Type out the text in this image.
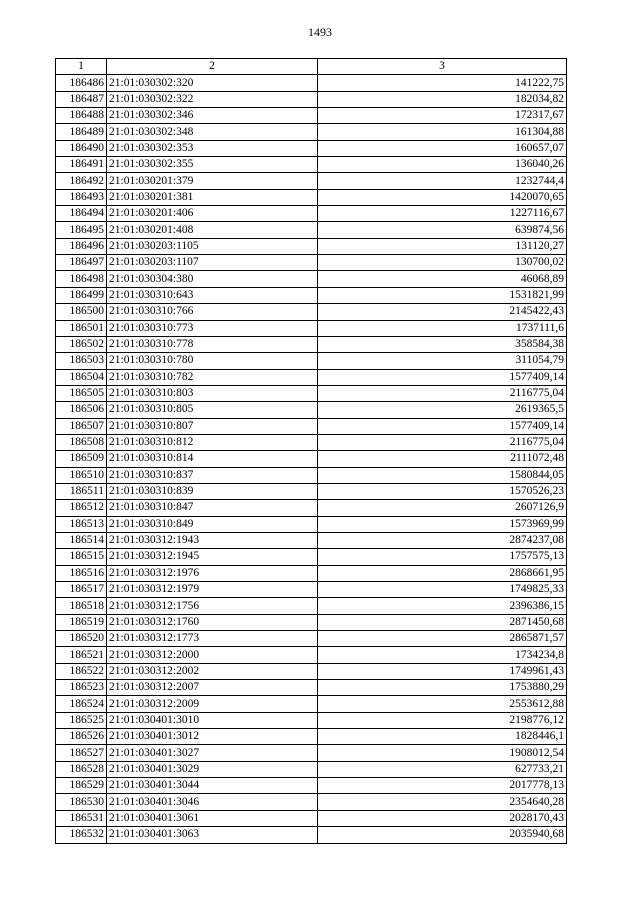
1493
1	2	3
186486	21:01:030302:320	141222,75
186487	21:01:030302:322	182034,82
186488	21:01:030302:346	172317,67
186489	21:01:030302:348	161304,88
186490	21:01:030302:353	160657,07
186491	21:01:030302:355	136040,26
186492	21:01:030201:379	1232744,4
186493	21:01:030201:381	1420070,65
186494	21:01:030201:406	1227116,67
186495	21:01:030201:408	639874,56
186496	21:01:030203:1105	131120,27
186497	21:01:030203:1107	130700,02
186498	21:01:030304:380	46068,89
186499	21:01:030310:643	1531821,99
186500	21:01:030310:766	2145422,43
186501	21:01:030310:773	1737111,6
186502	21:01:030310:778	358584,38
186503	21:01:030310:780	311054,79
186504	21:01:030310:782	1577409,14
186505	21:01:030310:803	2116775,04
186506	21:01:030310:805	2619365,5
186507	21:01:030310:807	1577409,14
186508	21:01:030310:812	2116775,04
186509	21:01:030310:814	2111072,48
186510	21:01:030310:837	1580844,05
186511	21:01:030310:839	1570526,23
186512	21:01:030310:847	2607126,9
186513	21:01:030310:849	1573969,99
186514	21:01:030312:1943	2874237,08
186515	21:01:030312:1945	1757575,13
186516	21:01:030312:1976	2868661,95
186517	21:01:030312:1979	1749825,33
186518	21:01:030312:1756	2396386,15
186519	21:01:030312:1760	2871450,68
186520	21:01:030312:1773	2865871,57
186521	21:01:030312:2000	1734234,8
186522	21:01:030312:2002	1749961,43
186523	21:01:030312:2007	1753880,29
186524	21:01:030312:2009	2553612,88
186525	21:01:030401:3010	2198776,12
186526	21:01:030401:3012	1828446,1
186527	21:01:030401:3027	1908012,54
186528	21:01:030401:3029	627733,21
186529	21:01:030401:3044	2017778,13
186530	21:01:030401:3046	2354640,28
186531	21:01:030401:3061	2028170,43
186532	21:01:030401:3063	2035940,68
